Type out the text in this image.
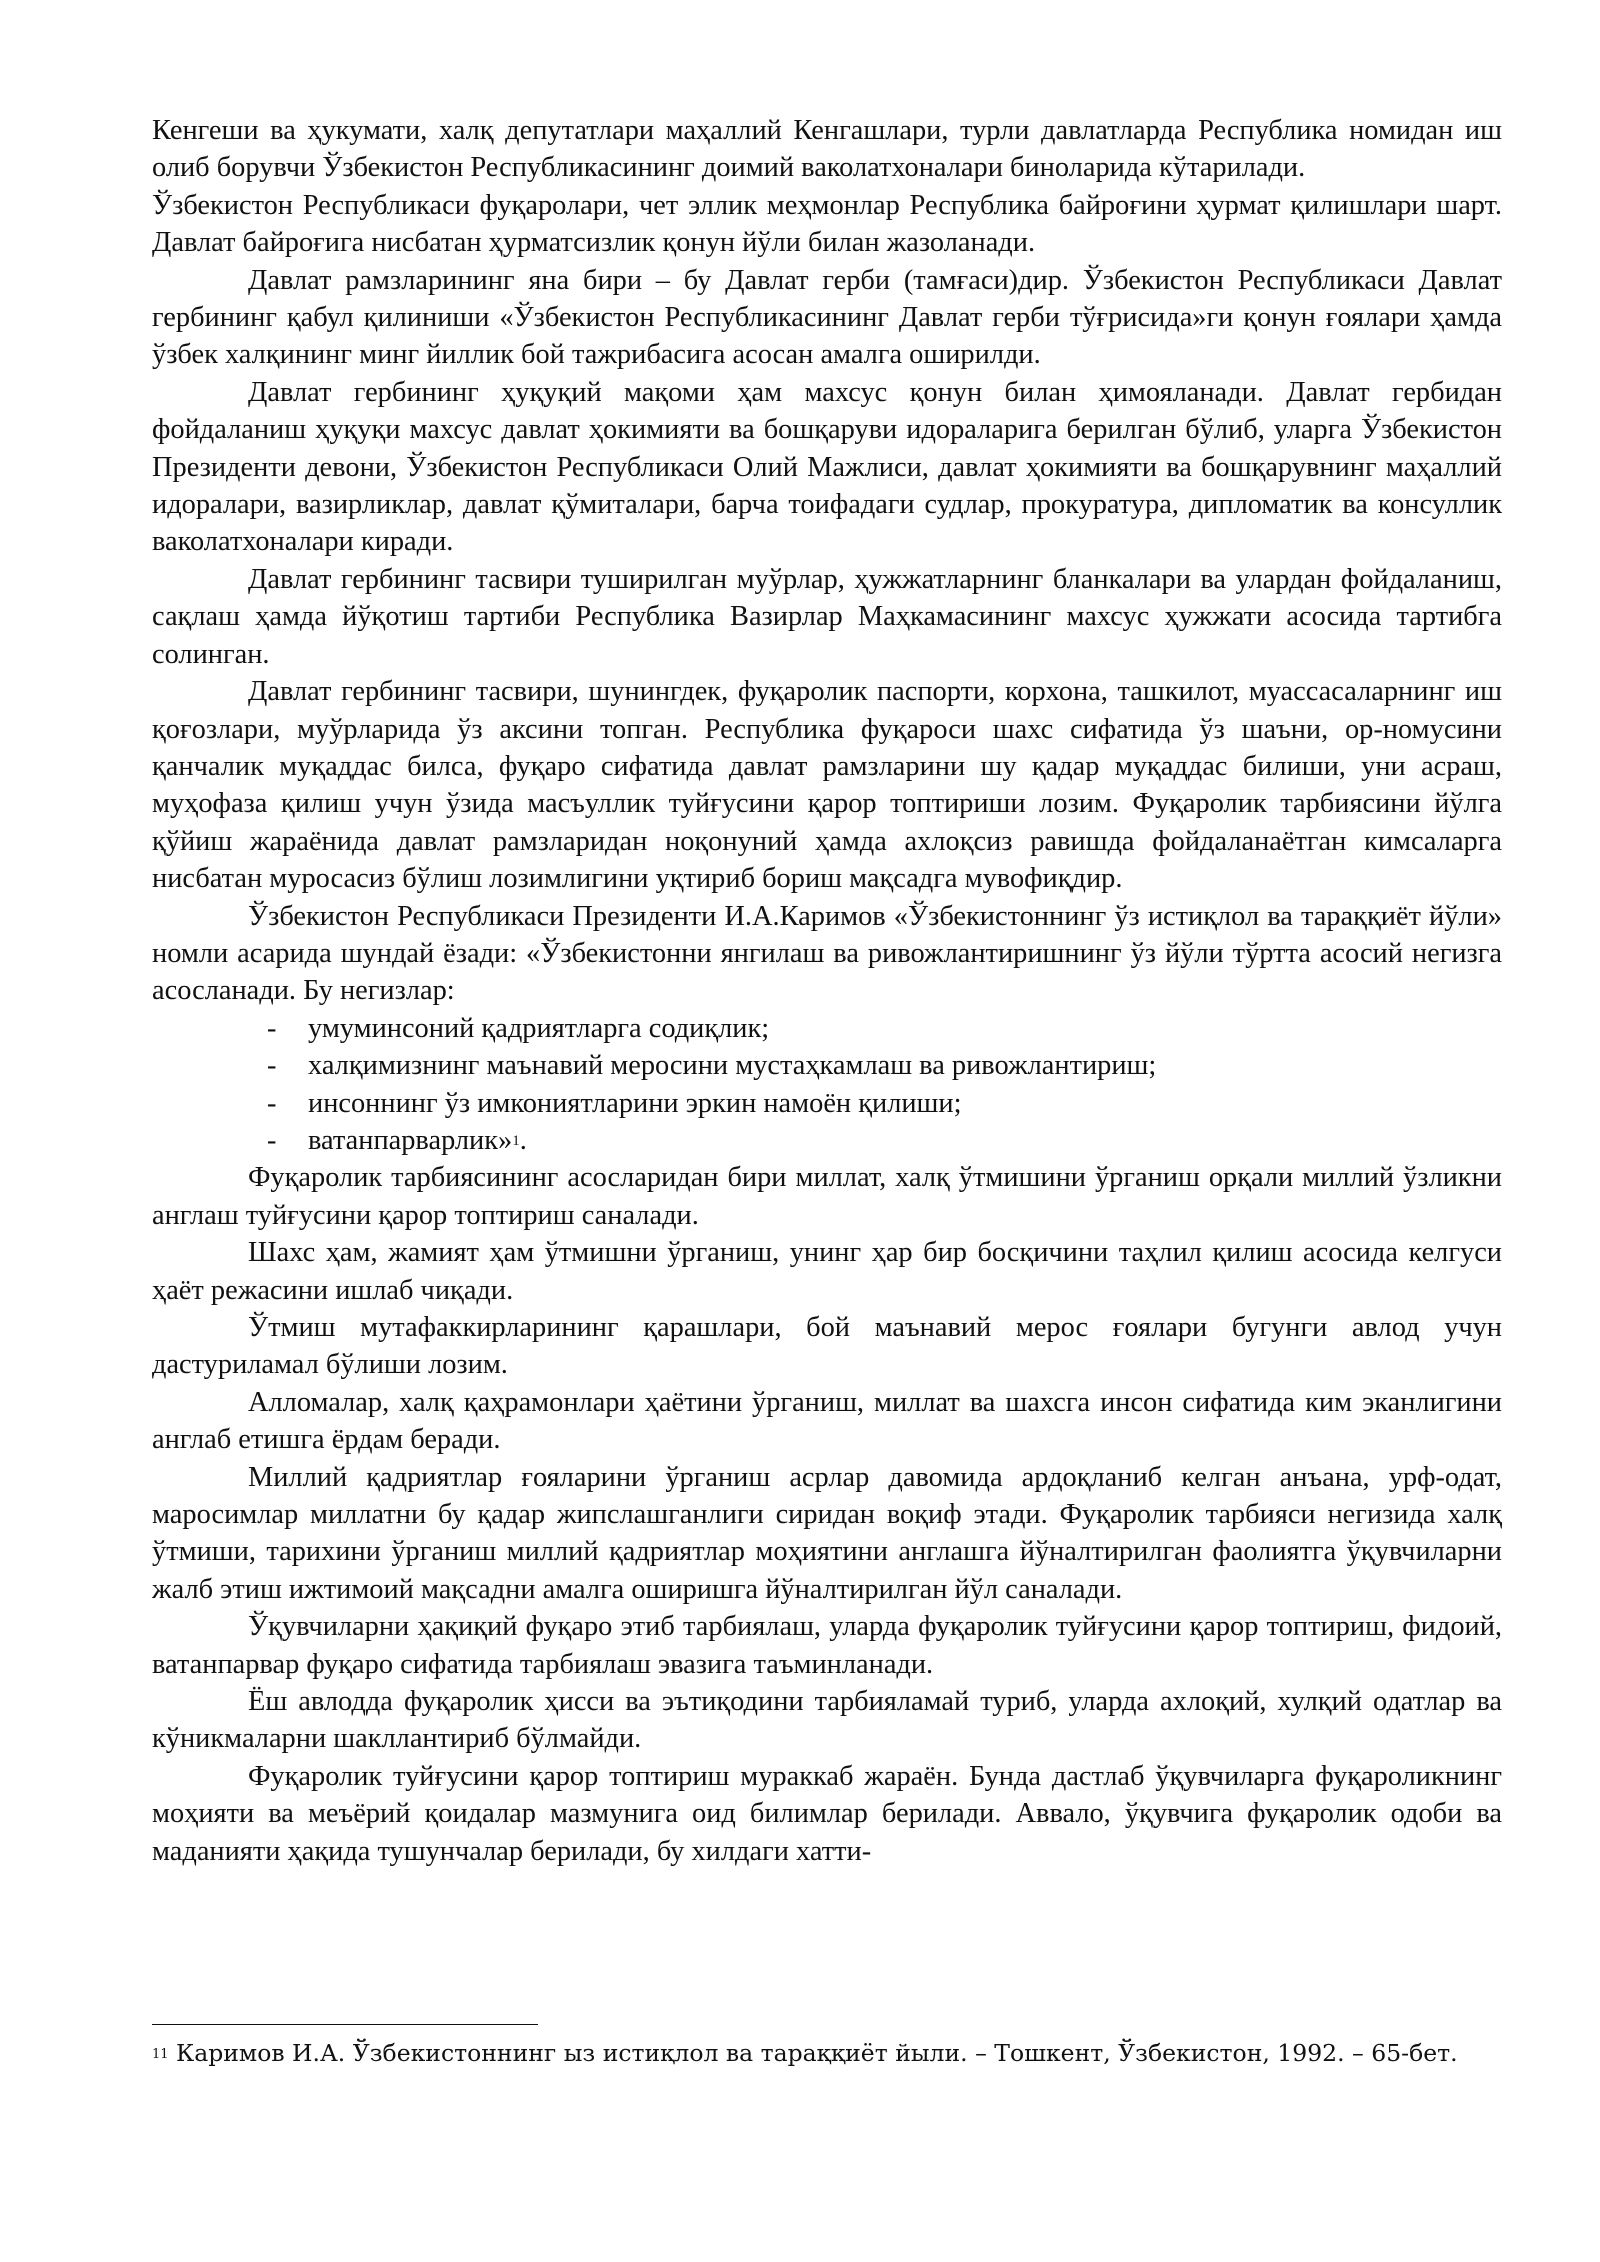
Кенгеши ва ҳукумати, халқ депутатлари маҳаллий Кенгашлари, турли давлатларда Республика номидан иш олиб борувчи Ўзбекистон Республикасининг доимий ваколатхоналари биноларида кўтарилади.

Ўзбекистон Республикаси фуқаролари, чет эллик меҳмонлар Республика байроғини ҳурмат қилишлари шарт. Давлат байроғига нисбатан ҳурматсизлик қонун йўли билан жазоланади.

Давлат рамзларининг яна бири – бу Давлат герби (тамғаси)дир. Ўзбекистон Республикаси Давлат гербининг қабул қилиниши «Ўзбекистон Республикасининг Давлат герби тўғрисида»ги қонун ғоялари ҳамда ўзбек халқининг минг йиллик бой тажрибасига асосан амалга оширилди.

Давлат гербининг ҳуқуқий мақоми ҳам махсус қонун билан ҳимояланади. Давлат гербидан фойдаланиш ҳуқуқи махсус давлат ҳокимияти ва бошқаруви идораларига берилган бўлиб, уларга Ўзбекистон Президенти девони, Ўзбекистон Республикаси Олий Мажлиси, давлат ҳокимияти ва бошқарувнинг маҳаллий идоралари, вазирликлар, давлат қўмиталари, барча тоифадаги судлар, прокуратура, дипломатик ва консуллик ваколатхоналари киради.

Давлат гербининг тасвири туширилган муўрлар, ҳужжатларнинг бланкалари ва улардан фойдаланиш, сақлаш ҳамда йўқотиш тартиби Республика Вазирлар Маҳкамасининг махсус ҳужжати асосида тартибга солинган.

Давлат гербининг тасвири, шунингдек, фуқаролик паспорти, корхона, ташкилот, муассасаларнинг иш қоғозлари, муўрларида ўз аксини топган. Республика фуқароси шахс сифатида ўз шаъни, ор-номусини қанчалик муқаддас билса, фуқаро сифатида давлат рамзларини шу қадар муқаддас билиши, уни асраш, муҳофаза қилиш учун ўзида масъуллик туйғусини қарор топтириши лозим. Фуқаролик тарбиясини йўлга қўйиш жараёнида давлат рамзларидан ноқонуний ҳамда ахлоқсиз равишда фойдаланаётган кимсаларга нисбатан муросасиз бўлиш лозимлигини уқтириб бориш мақсадга мувофиқдир.

Ўзбекистон Республикаси Президенти И.А.Каримов «Ўзбекистоннинг ўз истиқлол ва тараққиёт йўли» номли асарида шундай ёзади: «Ўзбекистонни янгилаш ва ривожлантиришнинг ўз йўли тўртта асосий негизга асосланади. Бу негизлар:

- умуминсоний қадриятларга содиқлик;
- халқимизнинг маънавий меросини мустаҳкамлаш ва ривожлантириш;
- инсоннинг ўз имкониятларини эркин намоён қилиши;
- ватанпарварлик»$^1$.

Фуқаролик тарбиясининг асосларидан бири миллат, халқ ўтмишини ўрганиш орқали миллий ўзликни англаш туйғусини қарор топтириш саналади.

Шахс ҳам, жамият ҳам ўтмишни ўрганиш, унинг ҳар бир босқичини таҳлил қилиш асосида келгуси ҳаёт режасини ишлаб чиқади.

Ўтмиш мутафаккирларининг қарашлари, бой маънавий мерос ғоялари бугунги авлод учун дастуриламал бўлиши лозим.

Алломалар, халқ қаҳрамонлари ҳаётини ўрганиш, миллат ва шахсга инсон сифатида ким эканлигини англаб етишга ёрдам беради.

Миллий қадриятлар ғояларини ўрганиш асрлар давомида ардоқланиб келган анъана, урф-одат, маросимлар миллатни бу қадар жипслашганлиги сиридан воқиф этади. Фуқаролик тарбияси негизида халқ ўтмиши, тарихини ўрганиш миллий қадриятлар моҳиятини англашга йўналтирилган фаолиятга ўқувчиларни жалб этиш ижтимоий мақсадни амалга оширишга йўналтирилган йўл саналади.

Ўқувчиларни ҳақиқий фуқаро этиб тарбиялаш, уларда фуқаролик туйғусини қарор топтириш, фидоий, ватанпарвар фуқаро сифатида тарбиялаш эвазига таъминланади.

Ёш авлодда фуқаролик ҳисси ва эътиқодини тарбияламай туриб, уларда ахлоқий, хулқий одатлар ва кўникмаларни шакллантириб бўлмайди.

Фуқаролик туйғусини қарор топтириш мураккаб жараён. Бунда дастлаб ўқувчиларга фуқароликнинг моҳияти ва меъёрий қоидалар мазмунига оид билимлар берилади. Аввало, ўқувчига фуқаролик одоби ва маданияти ҳақида тушунчалар берилади, бу хилдаги хатти-

$^{11}$ Каримов И.А. Ўзбекистоннинг ыз истиқлол ва тараққиёт йыли. – Тошкент, Ўзбекистон, 1992. – 65-бет.
